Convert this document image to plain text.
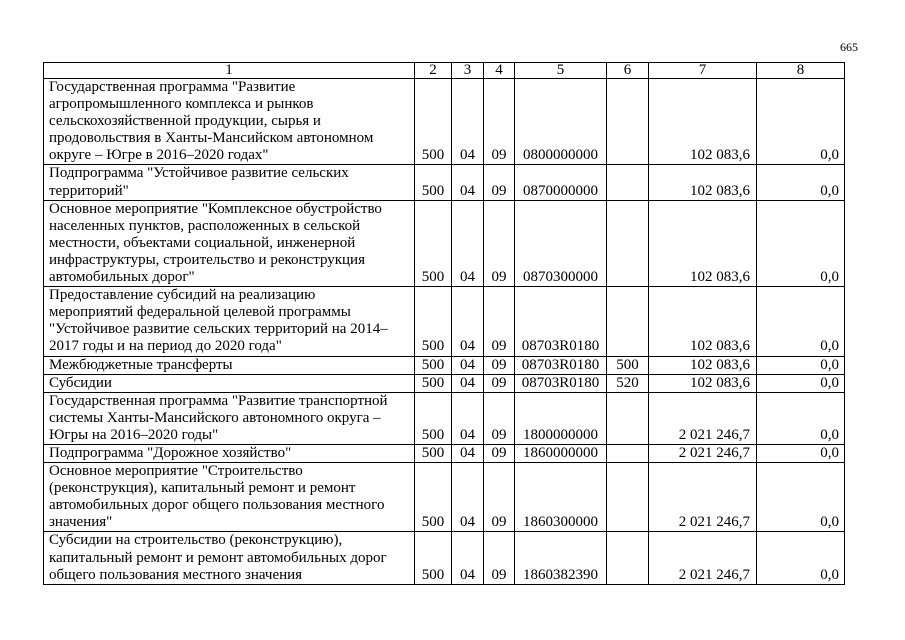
665
1	2	3	4	5	6	7	8
Государственная программа "Развитие
агропромышленного комплекса и рынков
сельскохозяйственной продукции, сырья и
продовольствия в Ханты-Мансийском автономном
округе – Югре в 2016–2020 годах"	500	04	09	0800000000		102 083,6	0,0
Подпрограмма "Устойчивое развитие сельских
территорий"	500	04	09	0870000000		102 083,6	0,0
Основное мероприятие "Комплексное обустройство
населенных пунктов, расположенных в сельской
местности, объектами социальной, инженерной
инфраструктуры, строительство и реконструкция
автомобильных дорог"	500	04	09	0870300000		102 083,6	0,0
Предоставление субсидий на реализацию
мероприятий федеральной целевой программы
"Устойчивое развитие сельских территорий на 2014–
2017 годы и на период до 2020 года"	500	04	09	08703R0180		102 083,6	0,0
Межбюджетные трансферты	500	04	09	08703R0180	500	102 083,6	0,0
Субсидии	500	04	09	08703R0180	520	102 083,6	0,0
Государственная программа "Развитие транспортной
системы Ханты-Мансийского автономного округа –
Югры на 2016–2020 годы"	500	04	09	1800000000		2 021 246,7	0,0
Подпрограмма "Дорожное хозяйство"	500	04	09	1860000000		2 021 246,7	0,0
Основное мероприятие "Строительство
(реконструкция), капитальный ремонт и ремонт
автомобильных дорог общего пользования местного
значения"	500	04	09	1860300000		2 021 246,7	0,0
Субсидии на строительство (реконструкцию),
капитальный ремонт и ремонт автомобильных дорог
общего пользования местного значения	500	04	09	1860382390		2 021 246,7	0,0
